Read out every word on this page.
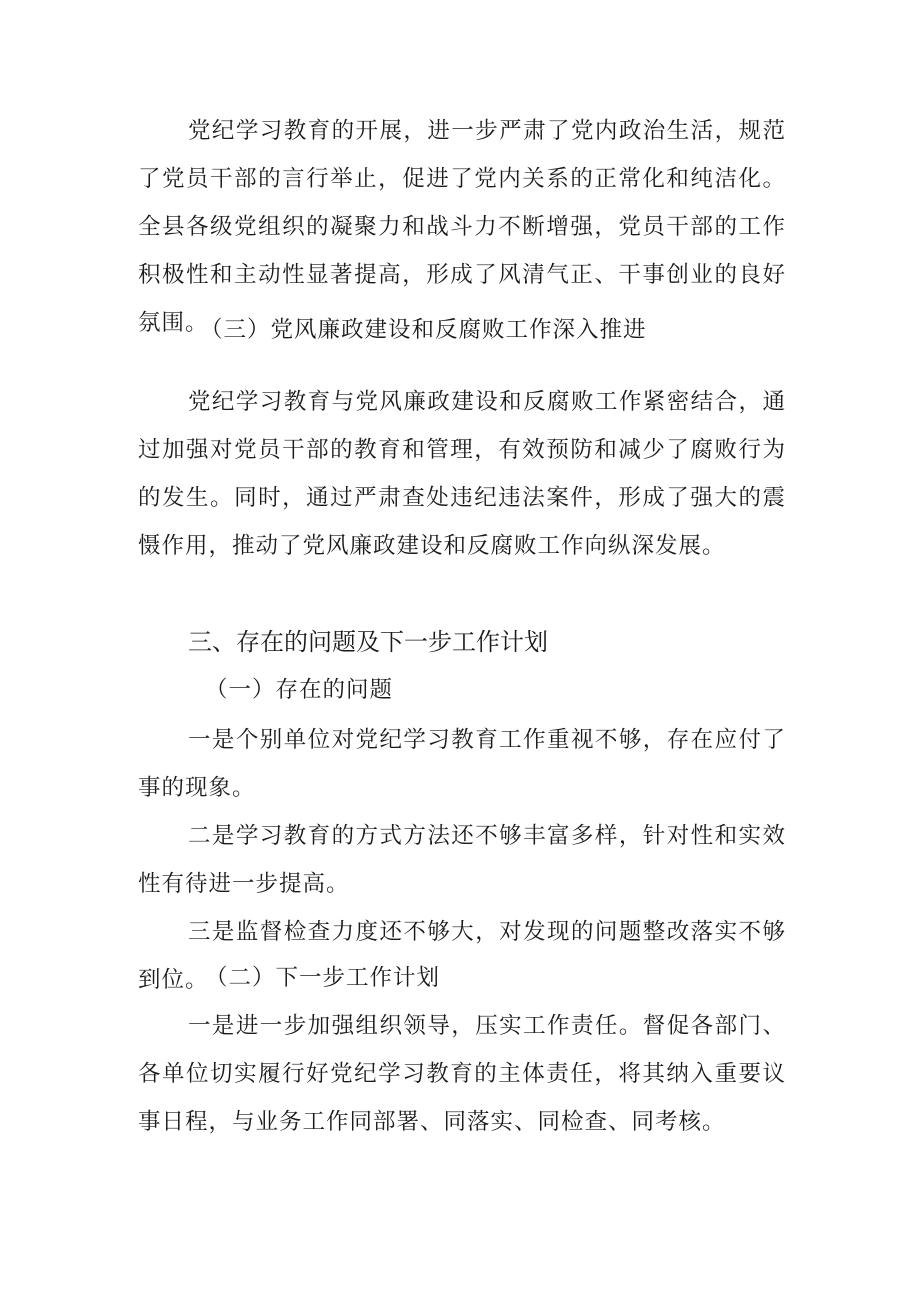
党纪学习教育的开展，进一步严肃了党内政治生活，规范了党员干部的言行举止，促进了党内关系的正常化和纯洁化。全县各级党组织的凝聚力和战斗力不断增强，党员干部的工作积极性和主动性显著提高，形成了风清气正、干事创业的良好氛围。

（三）党风廉政建设和反腐败工作深入推进

党纪学习教育与党风廉政建设和反腐败工作紧密结合，通过加强对党员干部的教育和管理，有效预防和减少了腐败行为的发生。同时，通过严肃查处违纪违法案件，形成了强大的震慑作用，推动了党风廉政建设和反腐败工作向纵深发展。

三、存在的问题及下一步工作计划

（一）存在的问题

一是个别单位对党纪学习教育工作重视不够，存在应付了事的现象。

二是学习教育的方式方法还不够丰富多样，针对性和实效性有待进一步提高。

三是监督检查力度还不够大，对发现的问题整改落实不够到位。

（二）下一步工作计划

一是进一步加强组织领导，压实工作责任。督促各部门、各单位切实履行好党纪学习教育的主体责任，将其纳入重要议事日程，与业务工作同部署、同落实、同检查、同考核。
